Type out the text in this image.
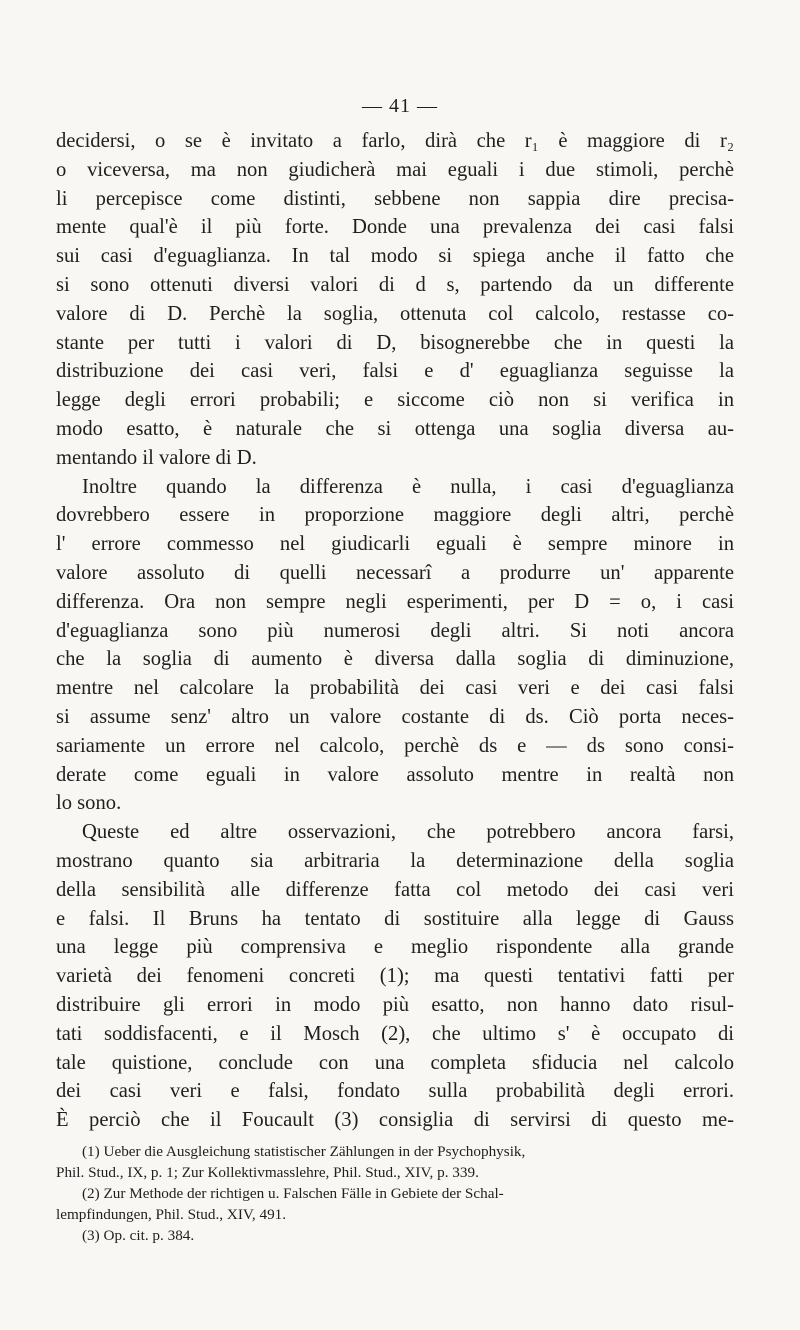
— 41 —
decidersi, o se è invitato a farlo, dirà che r₁ è maggiore di r₂
o viceversa, ma non giudicherà mai eguali i due stimoli, perchè
li percepisce come distinti, sebbene non sappia dire precisa-
mente qual'è il più forte. Donde una prevalenza dei casi falsi
sui casi d'eguaglianza. In tal modo si spiega anche il fatto che
si sono ottenuti diversi valori di d s, partendo da un differente
valore di D. Perchè la soglia, ottenuta col calcolo, restasse co-
stante per tutti i valori di D, bisognerebbe che in questi la
distribuzione dei casi veri, falsi e d' eguaglianza seguisse la
legge degli errori probabili; e siccome ciò non si verifica in
modo esatto, è naturale che si ottenga una soglia diversa au-
mentando il valore di D.
Inoltre quando la differenza è nulla, i casi d'eguaglianza
dovrebbero essere in proporzione maggiore degli altri, perchè
l' errore commesso nel giudicarli eguali è sempre minore in
valore assoluto di quelli necessarî a produrre un' apparente
differenza. Ora non sempre negli esperimenti, per D = o, i casi
d'eguaglianza sono più numerosi degli altri. Si noti ancora
che la soglia di aumento è diversa dalla soglia di diminuzione,
mentre nel calcolare la probabilità dei casi veri e dei casi falsi
si assume senz' altro un valore costante di ds. Ciò porta neces-
sariamente un errore nel calcolo, perchè ds e — ds sono consi-
derate come eguali in valore assoluto mentre in realtà non
lo sono.
Queste ed altre osservazioni, che potrebbero ancora farsi,
mostrano quanto sia arbitraria la determinazione della soglia
della sensibilità alle differenze fatta col metodo dei casi veri
e falsi. Il Bruns ha tentato di sostituire alla legge di Gauss
una legge più comprensiva e meglio rispondente alla grande
varietà dei fenomeni concreti (1); ma questi tentativi fatti per
distribuire gli errori in modo più esatto, non hanno dato risul-
tati soddisfacenti, e il Mosch (2), che ultimo s' è occupato di
tale quistione, conclude con una completa sfiducia nel calcolo
dei casi veri e falsi, fondato sulla probabilità degli errori.
È perciò che il Foucault (3) consiglia di servirsi di questo me-
(1) Ueber die Ausgleichung statistischer Zählungen in der Psychophysik,
Phil. Stud., IX, p. 1; Zur Kollektivmasslehre, Phil. Stud., XIV, p. 339.
(2) Zur Methode der richtigen u. Falschen Fälle in Gebiete der Schal-
lempfindungen, Phil. Stud., XIV, 491.
(3) Op. cit. p. 384.
